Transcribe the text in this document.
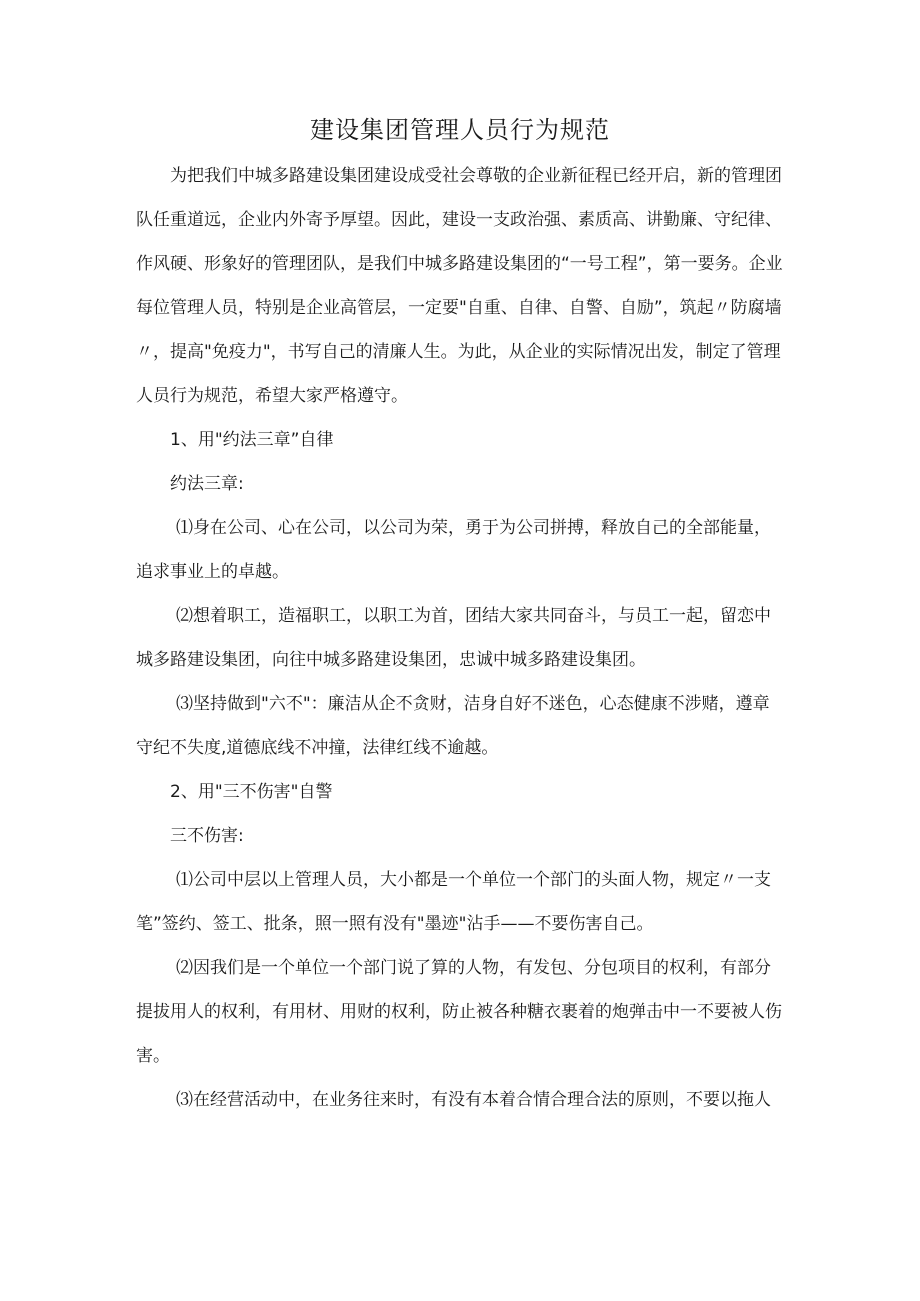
建设集团管理人员行为规范

为把我们中城多路建设集团建设成受社会尊敬的企业新征程已经开启，新的管理团队任重道远，企业内外寄予厚望。因此，建设一支政治强、素质高、讲勤廉、守纪律、作风硬、形象好的管理团队，是我们中城多路建设集团的“一号工程”，第一要务。企业每位管理人员，特别是企业高管层，一定要"自重、自律、自警、自励”，筑起〃防腐墙〃，提高"免疫力"，书写自己的清廉人生。为此，从企业的实际情况出发，制定了管理人员行为规范，希望大家严格遵守。

1、用"约法三章”自律

约法三章:

⑴身在公司、心在公司，以公司为荣，勇于为公司拼搏，释放自己的全部能量，追求事业上的卓越。

⑵想着职工，造福职工，以职工为首，团结大家共同奋斗，与员工一起，留恋中城多路建设集团，向往中城多路建设集团，忠诚中城多路建设集团。

⑶坚持做到"六不"：廉洁从企不贪财，洁身自好不迷色，心态健康不涉赌，遵章守纪不失度,道德底线不冲撞，法律红线不逾越。

2、用"三不伤害"自警

三不伤害:

⑴公司中层以上管理人员，大小都是一个单位一个部门的头面人物，规定〃一支笔”签约、签工、批条，照一照有没有"墨迹"沾手——不要伤害自己。

⑵因我们是一个单位一个部门说了算的人物，有发包、分包项目的权利，有部分提拔用人的权利，有用材、用财的权利，防止被各种糖衣裹着的炮弹击中一不要被人伤害。

⑶在经营活动中，在业务往来时，有没有本着合情合理合法的原则，不要以拖人
